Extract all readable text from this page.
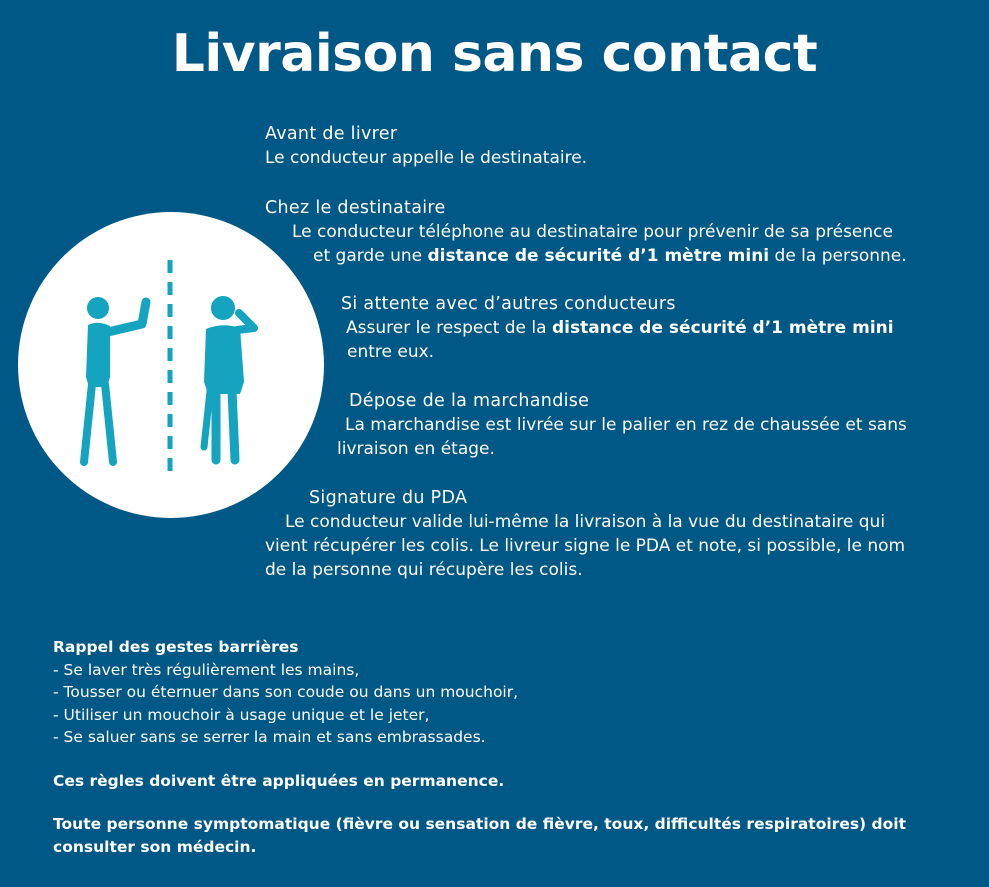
Livraison sans contact

Avant de livrer

Le conducteur appelle le destinataire.

Chez le destinataire

Le conducteur téléphone au destinataire pour prévenir de sa présence

et garde une distance de sécurité d’1 mètre mini de la personne.

Si attente avec d’autres conducteurs

Assurer le respect de la distance de sécurité d’1 mètre mini

entre eux.

Dépose de la marchandise

La marchandise est livrée sur le palier en rez de chaussée et sans

livraison en étage.

Signature du PDA

Le conducteur valide lui-même la livraison à la vue du destinataire qui

vient récupérer les colis. Le livreur signe le PDA et note, si possible, le nom

de la personne qui récupère les colis.

Rappel des gestes barrières

- Se laver très régulièrement les mains,

- Tousser ou éternuer dans son coude ou dans un mouchoir,

- Utiliser un mouchoir à usage unique et le jeter,

- Se saluer sans se serrer la main et sans embrassades.

Ces règles doivent être appliquées en permanence.

Toute personne symptomatique (fièvre ou sensation de fièvre, toux, difficultés respiratoires) doit

consulter son médecin.
